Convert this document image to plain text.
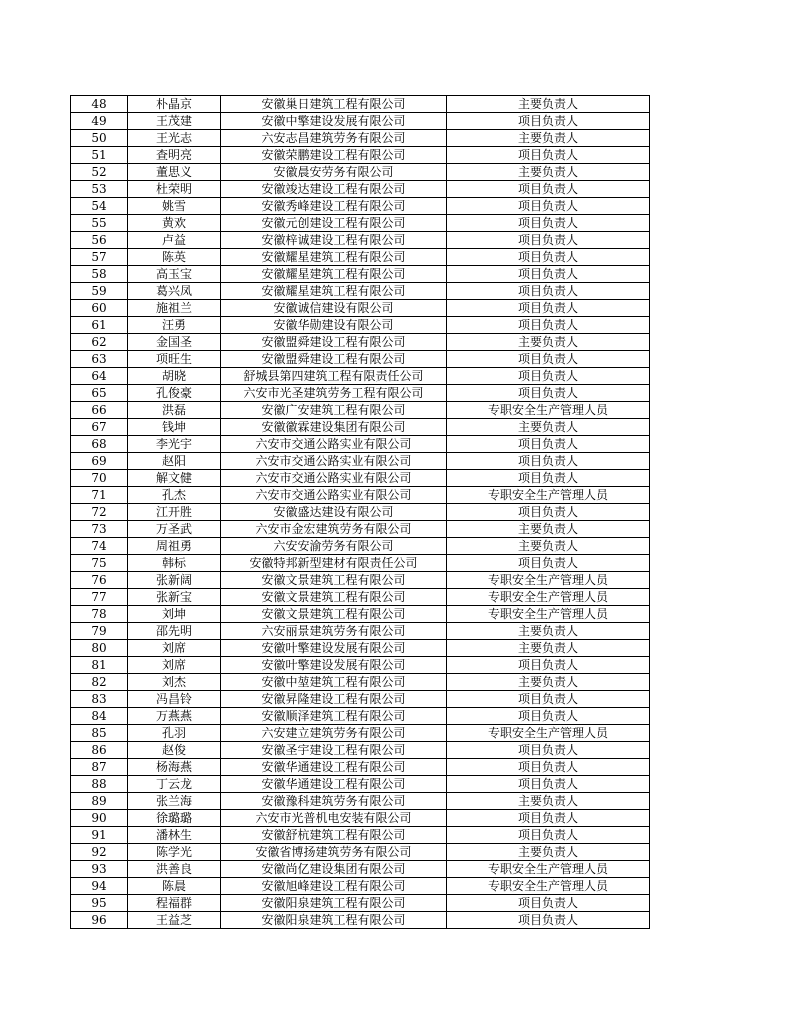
48	朴晶京	安徽巢日建筑工程有限公司	主要负责人
49	王茂建	安徽中擎建设发展有限公司	项目负责人
50	王光志	六安志昌建筑劳务有限公司	主要负责人
51	查明亮	安徽荣鹏建设工程有限公司	项目负责人
52	董思义	安徽晨安劳务有限公司	主要负责人
53	杜荣明	安徽竣达建设工程有限公司	项目负责人
54	姚雪	安徽秀峰建设工程有限公司	项目负责人
55	黄欢	安徽元创建设工程有限公司	项目负责人
56	卢益	安徽梓诚建设工程有限公司	项目负责人
57	陈英	安徽耀星建筑工程有限公司	项目负责人
58	高玉宝	安徽耀星建筑工程有限公司	项目负责人
59	葛兴凤	安徽耀星建筑工程有限公司	项目负责人
60	施祖兰	安徽诚信建设有限公司	项目负责人
61	汪勇	安徽华勋建设有限公司	项目负责人
62	金国圣	安徽盟舜建设工程有限公司	主要负责人
63	项旺生	安徽盟舜建设工程有限公司	项目负责人
64	胡晓	舒城县第四建筑工程有限责任公司	项目负责人
65	孔俊豪	六安市光圣建筑劳务工程有限公司	项目负责人
66	洪磊	安徽广安建筑工程有限公司	专职安全生产管理人员
67	钱坤	安徽徽霖建设集团有限公司	主要负责人
68	李光宇	六安市交通公路实业有限公司	项目负责人
69	赵阳	六安市交通公路实业有限公司	项目负责人
70	解文健	六安市交通公路实业有限公司	项目负责人
71	孔杰	六安市交通公路实业有限公司	专职安全生产管理人员
72	江开胜	安徽盛达建设有限公司	项目负责人
73	万圣武	六安市金宏建筑劳务有限公司	主要负责人
74	周祖勇	六安安渝劳务有限公司	主要负责人
75	韩标	安徽特邦新型建材有限责任公司	项目负责人
76	张新阔	安徽文景建筑工程有限公司	专职安全生产管理人员
77	张新宝	安徽文景建筑工程有限公司	专职安全生产管理人员
78	刘坤	安徽文景建筑工程有限公司	专职安全生产管理人员
79	邵先明	六安丽景建筑劳务有限公司	主要负责人
80	刘席	安徽叶擎建设发展有限公司	主要负责人
81	刘席	安徽叶擎建设发展有限公司	项目负责人
82	刘杰	安徽中堃建筑工程有限公司	主要负责人
83	冯昌铃	安徽昇隆建设工程有限公司	项目负责人
84	万燕燕	安徽顺泽建筑工程有限公司	项目负责人
85	孔羽	六安建立建筑劳务有限公司	专职安全生产管理人员
86	赵俊	安徽圣宇建设工程有限公司	项目负责人
87	杨海燕	安徽华通建设工程有限公司	项目负责人
88	丁云龙	安徽华通建设工程有限公司	项目负责人
89	张兰海	安徽豫科建筑劳务有限公司	主要负责人
90	徐璐璐	六安市光普机电安装有限公司	项目负责人
91	潘林生	安徽舒杭建筑工程有限公司	项目负责人
92	陈学光	安徽省博扬建筑劳务有限公司	主要负责人
93	洪善良	安徽尚亿建设集团有限公司	专职安全生产管理人员
94	陈晨	安徽旭峰建设工程有限公司	专职安全生产管理人员
95	程福群	安徽阳泉建筑工程有限公司	项目负责人
96	王益芝	安徽阳泉建筑工程有限公司	项目负责人
